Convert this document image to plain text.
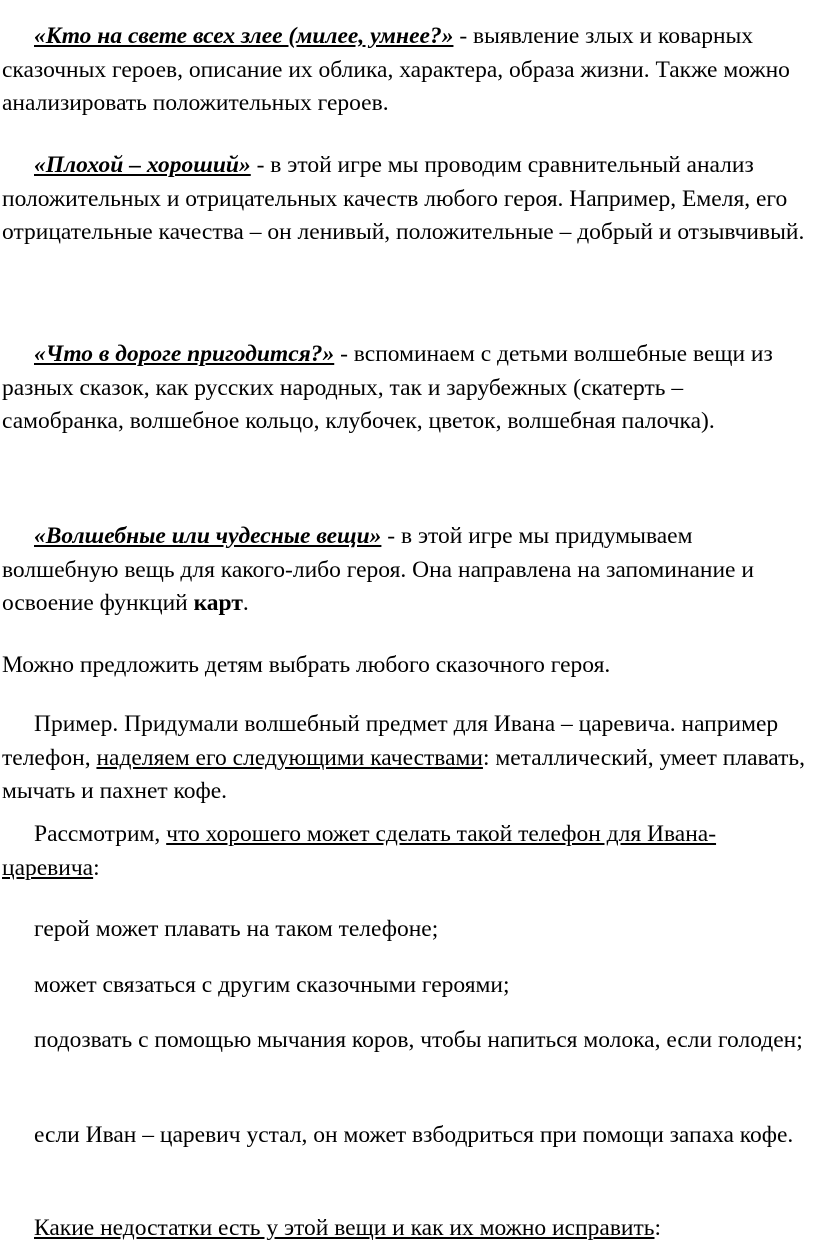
«Кто на свете всех злее (милее, умнее?» - выявление злых и коварных сказочных героев, описание их облика, характера, образа жизни. Также можно анализировать положительных героев.

«Плохой – хороший» - в этой игре мы проводим сравнительный анализ положительных и отрицательных качеств любого героя. Например, Емеля, его отрицательные качества – он ленивый, положительные – добрый и отзывчивый.

«Что в дороге пригодится?» - вспоминаем с детьми волшебные вещи из разных сказок, как русских народных, так и зарубежных (скатерть – самобранка, волшебное кольцо, клубочек, цветок, волшебная палочка).

«Волшебные или чудесные вещи» - в этой игре мы придумываем волшебную вещь для какого-либо героя. Она направлена на запоминание и освоение функций карт.

Можно предложить детям выбрать любого сказочного героя.

Пример. Придумали волшебный предмет для Ивана – царевича. например телефон, наделяем его следующими качествами: металлический, умеет плавать, мычать и пахнет кофе.

Рассмотрим, что хорошего может сделать такой телефон для Ивана-царевича:

герой может плавать на таком телефоне;

может связаться с другим сказочными героями;

подозвать с помощью мычания коров, чтобы напиться молока, если голоден;

если Иван – царевич устал, он может взбодриться при помощи запаха кофе.

Какие недостатки есть у этой вещи и как их можно исправить:
